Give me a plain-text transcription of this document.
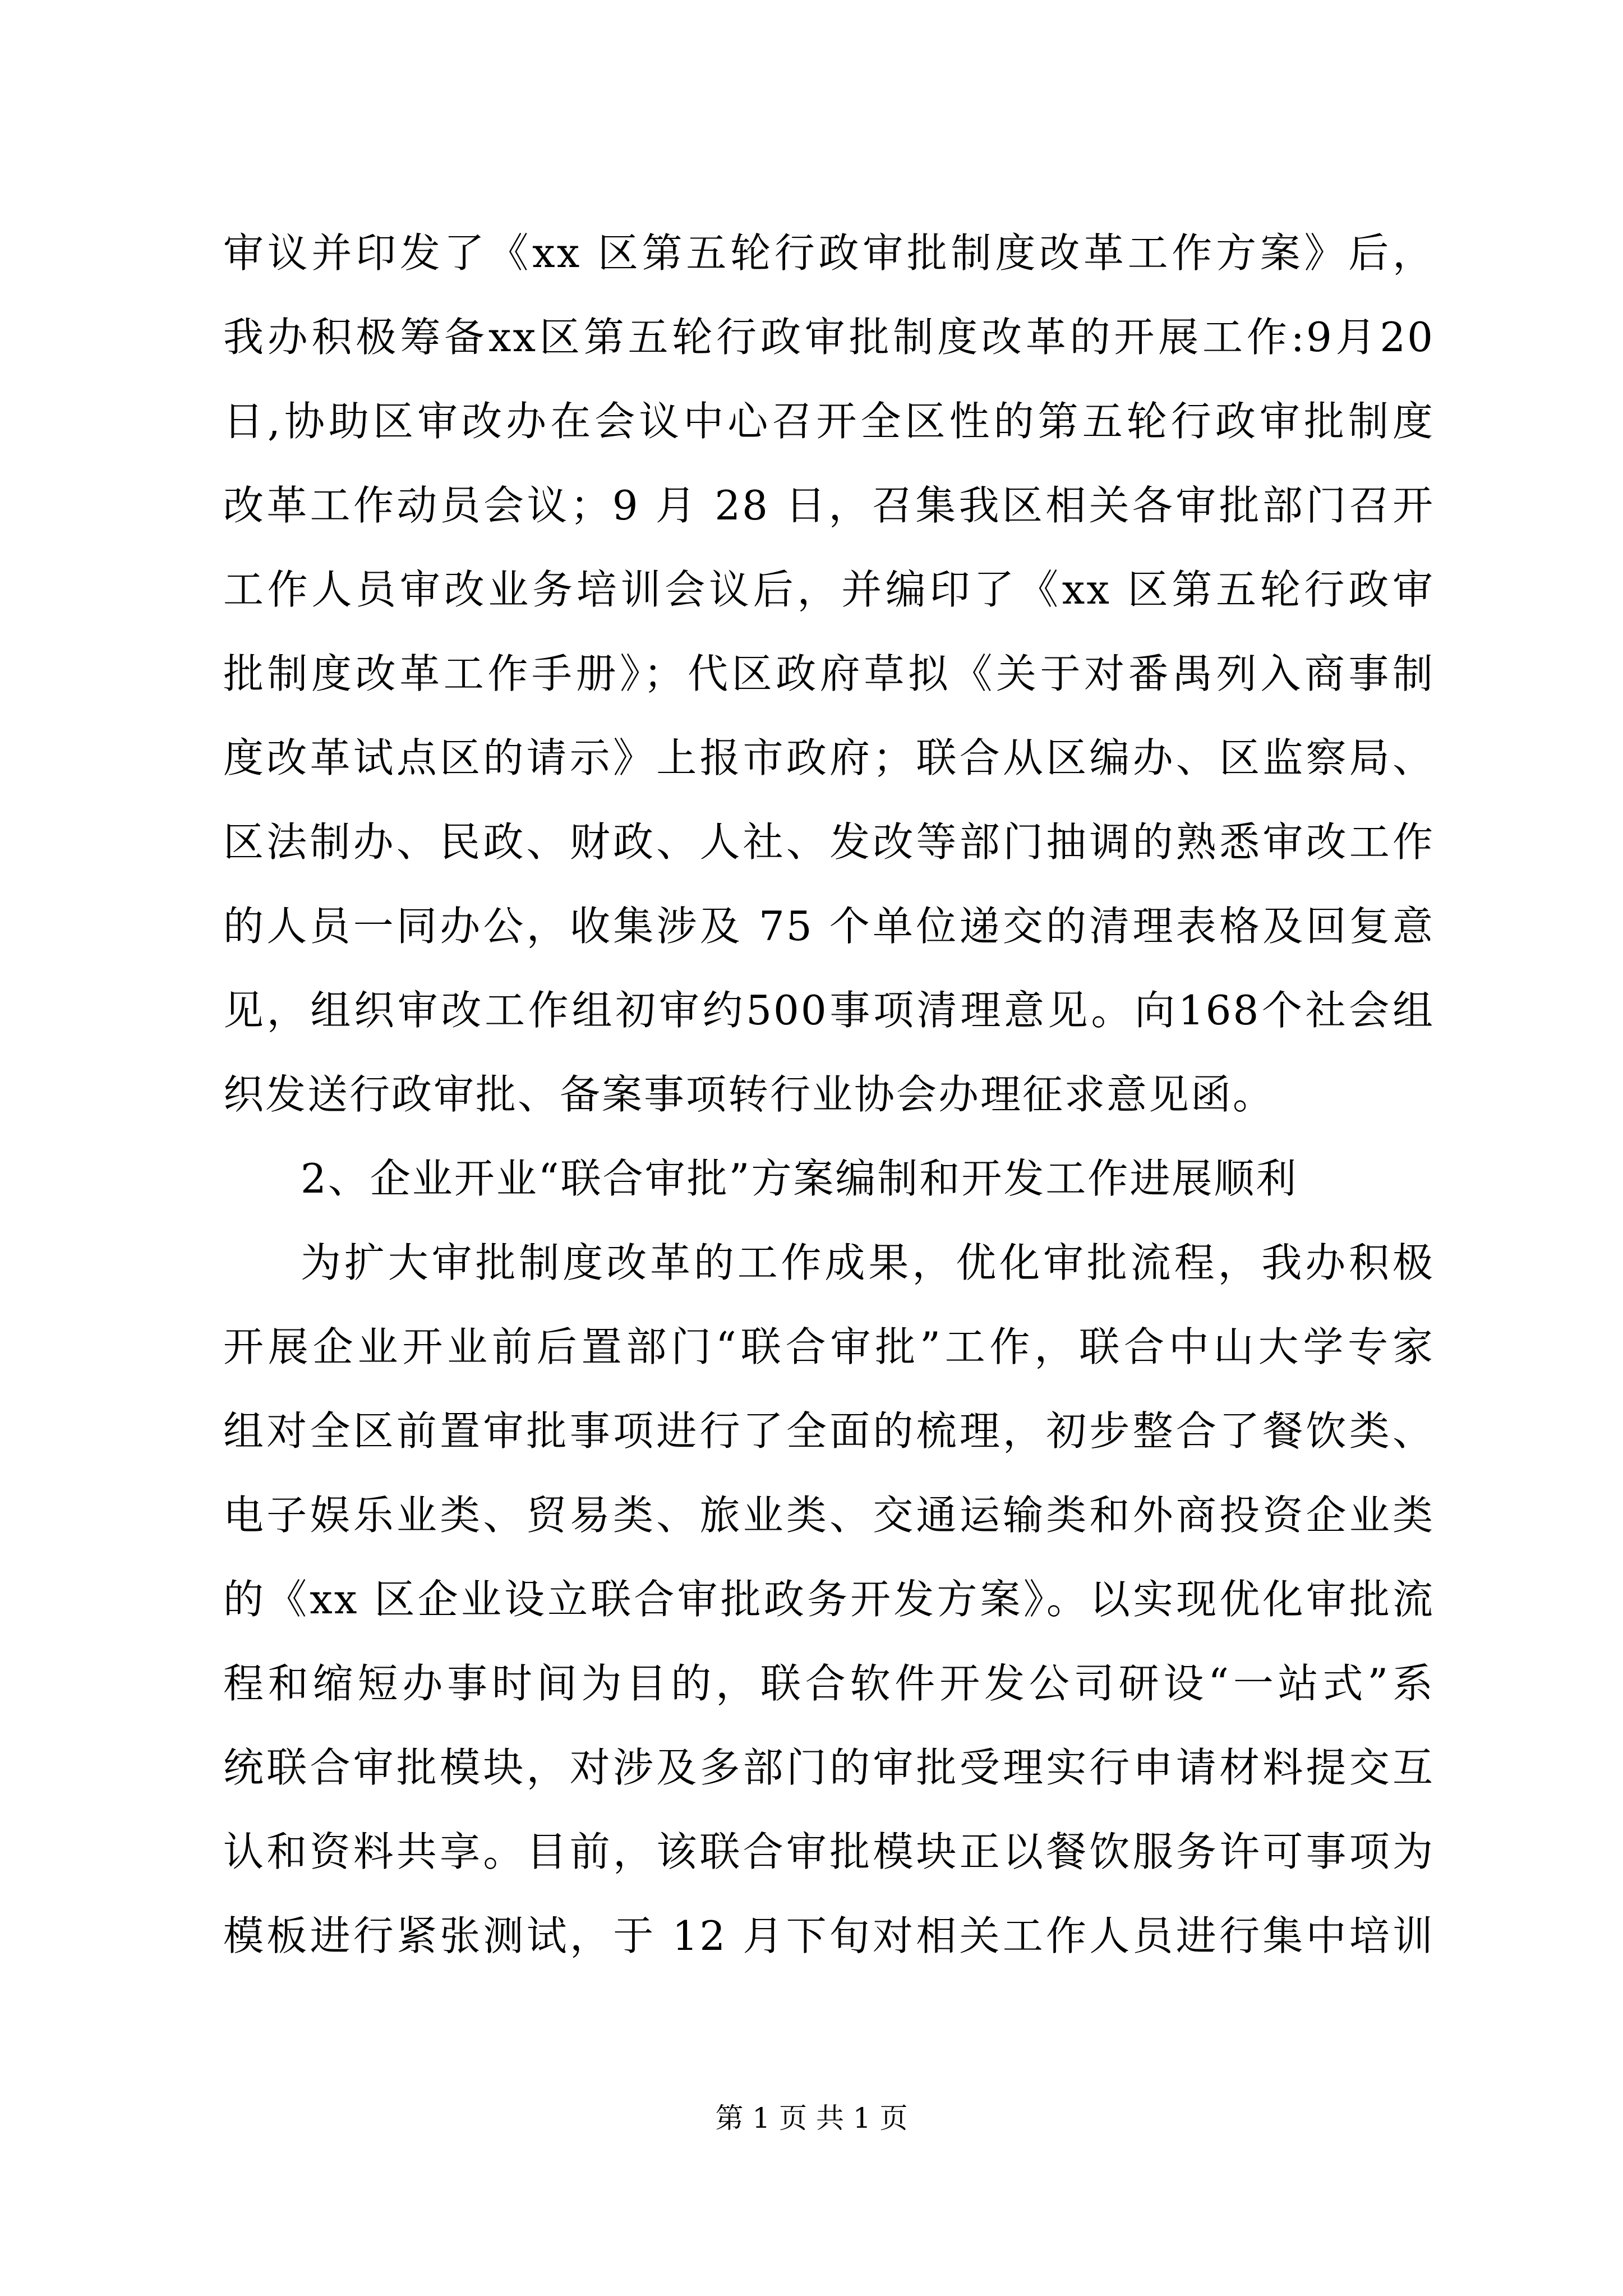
审议并印发了《xx 区第五轮行政审批制度改革工作方案》后，
我办积极筹备xx区第五轮行政审批制度改革的开展工作:9月20
日,协助区审改办在会议中心召开全区性的第五轮行政审批制度
改革工作动员会议；9 月 28 日，召集我区相关各审批部门召开
工作人员审改业务培训会议后，并编印了《xx 区第五轮行政审
批制度改革工作手册》；代区政府草拟《关于对番禺列入商事制
度改革试点区的请示》上报市政府；联合从区编办、区监察局、
区法制办、民政、财政、人社、发改等部门抽调的熟悉审改工作
的人员一同办公，收集涉及 75 个单位递交的清理表格及回复意
见，组织审改工作组初审约500事项清理意见。向168个社会组
织发送行政审批、备案事项转行业协会办理征求意见函。
2、企业开业“联合审批”方案编制和开发工作进展顺利
为扩大审批制度改革的工作成果，优化审批流程，我办积极
开展企业开业前后置部门“联合审批”工作，联合中山大学专家
组对全区前置审批事项进行了全面的梳理，初步整合了餐饮类、
电子娱乐业类、贸易类、旅业类、交通运输类和外商投资企业类
的《xx 区企业设立联合审批政务开发方案》。以实现优化审批流
程和缩短办事时间为目的，联合软件开发公司研设“一站式”系
统联合审批模块，对涉及多部门的审批受理实行申请材料提交互
认和资料共享。目前，该联合审批模块正以餐饮服务许可事项为
模板进行紧张测试，于 12 月下旬对相关工作人员进行集中培训
第 1 页 共 1 页
